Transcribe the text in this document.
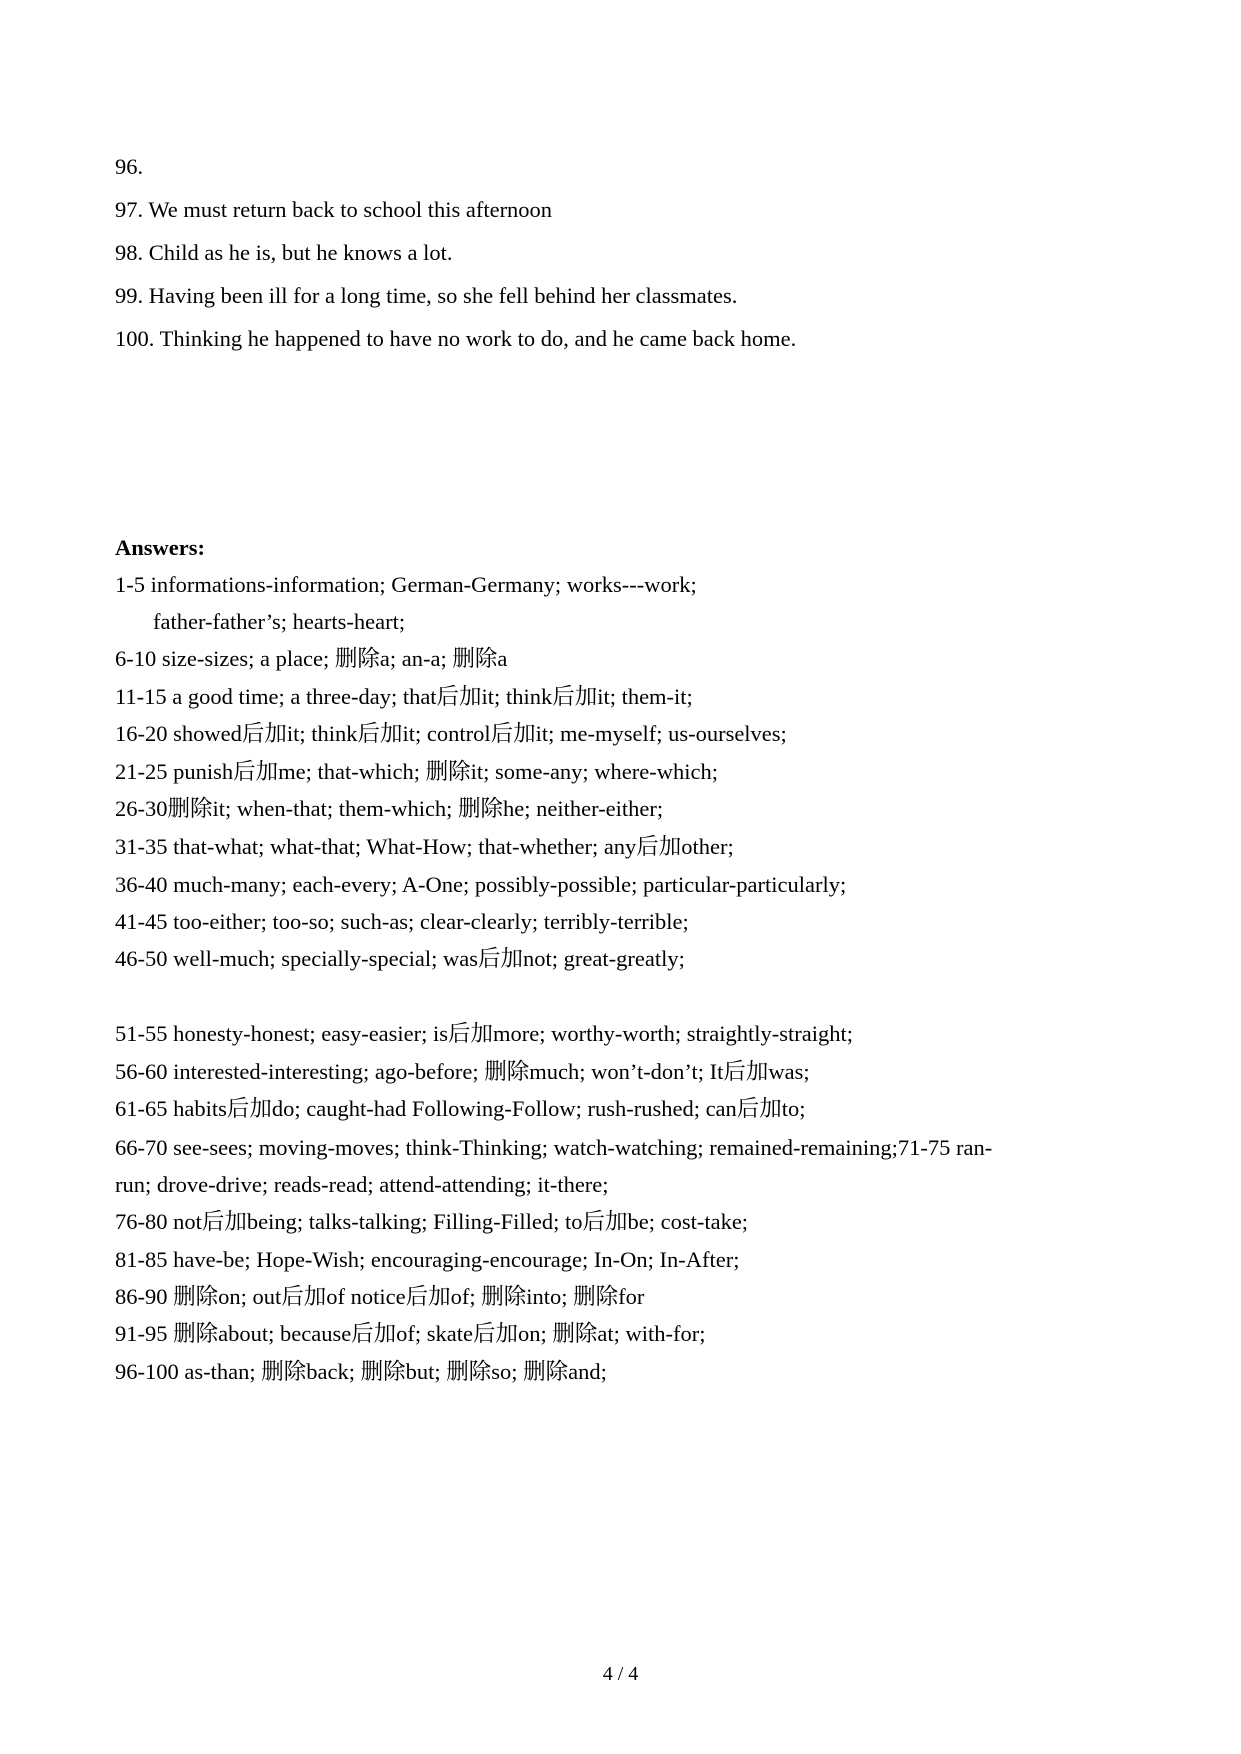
96.
97. We must return back to school this afternoon
98. Child as he is, but he knows a lot.
99. Having been ill for a long time, so she fell behind her classmates.
100. Thinking he happened to have no work to do, and he came back home.
Answers:
1-5 informations-information; German-Germany; works---work;
father-father’s; hearts-heart;
6-10 size-sizes; a place; 删除a; an-a; 删除a
11-15 a good time; a three-day; that后加it; think后加it; them-it;
16-20 showed后加it; think后加it; control后加it; me-myself; us-ourselves;
21-25 punish后加me; that-which; 删除it; some-any; where-which;
26-30删除it; when-that; them-which; 删除he; neither-either;
31-35 that-what; what-that; What-How; that-whether; any后加other;
36-40 much-many; each-every; A-One; possibly-possible; particular-particularly;
41-45 too-either; too-so; such-as; clear-clearly; terribly-terrible;
46-50 well-much; specially-special; was后加not; great-greatly;
51-55 honesty-honest; easy-easier; is后加more; worthy-worth; straightly-straight;
56-60 interested-interesting; ago-before; 删除much; won’t-don’t; It后加was;
61-65 habits后加do; caught-had Following-Follow; rush-rushed; can后加to;
66-70 see-sees; moving-moves; think-Thinking; watch-watching; remained-remaining;71-75 ran-
run; drove-drive; reads-read; attend-attending; it-there;
76-80 not后加being; talks-talking; Filling-Filled; to后加be; cost-take;
81-85 have-be; Hope-Wish; encouraging-encourage; In-On; In-After;
86-90 删除on; out后加of notice后加of; 删除into; 删除for
91-95 删除about; because后加of; skate后加on; 删除at; with-for;
96-100 as-than; 删除back; 删除but; 删除so; 删除and;
4 / 4
